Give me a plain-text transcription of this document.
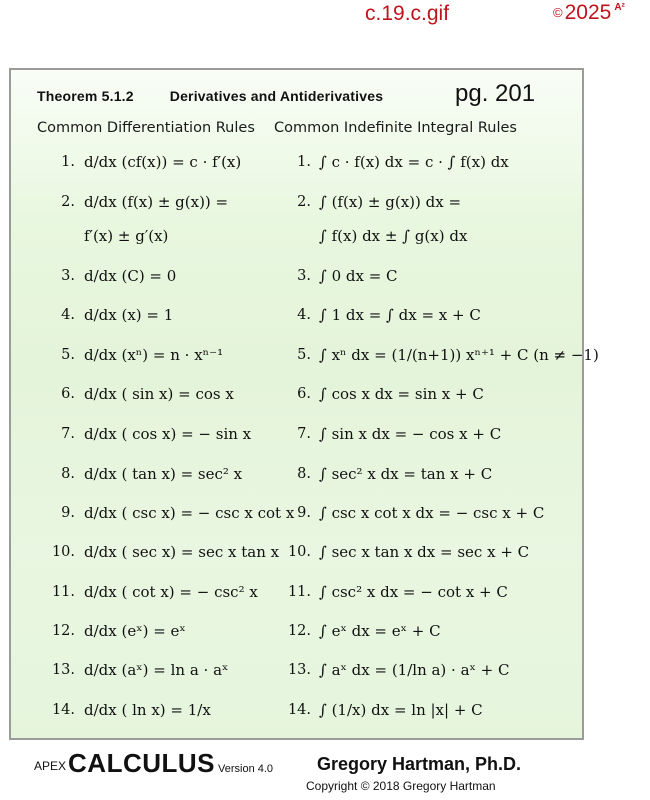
c.19.c.gif	©2025 $^{A^2}$
Theorem 5.1.2	Derivatives and Antiderivatives	pg. 201
Common Differentiation Rules Common Indefinite Integral Rules
1. d/dx (cf(x)) = c · f′(x)	1. ∫ c · f(x) dx = c · ∫ f(x) dx
2. d/dx (f(x) ± g(x)) =	2. ∫ (f(x) ± g(x)) dx =
f′(x) ± g′(x)	∫ f(x) dx ± ∫ g(x) dx
3. d/dx (C) = 0	3. ∫ 0 dx = C
4. d/dx (x) = 1	4. ∫ 1 dx = ∫ dx = x + C
5. d/dx (xⁿ) = n · xⁿ⁻¹	5. ∫ xⁿ dx = (1/(n+1)) xⁿ⁺¹ + C (n ≠ −1)
6. d/dx ( sin x) = cos x	6. ∫ cos x dx = sin x + C
7. d/dx ( cos x) = − sin x	7. ∫ sin x dx = − cos x + C
8. d/dx ( tan x) = sec² x	8. ∫ sec² x dx = tan x + C
9. d/dx ( csc x) = − csc x cot x 9. ∫ csc x cot x dx = − csc x + C
10. d/dx ( sec x) = sec x tan x 10. ∫ sec x tan x dx = sec x + C
11. d/dx ( cot x) = − csc² x 11. ∫ csc² x dx = − cot x + C
12. d/dx (eˣ) = eˣ	12. ∫ eˣ dx = eˣ + C
13. d/dx (aˣ) = ln a · aˣ	13. ∫ aˣ dx = (1/ln a) · aˣ + C
14. d/dx ( ln x) = 1/x	14. ∫ (1/x) dx = ln |x| + C
APEXCALCULUS Version 4.0 Gregory Hartman, Ph.D.
Copyright © 2018 Gregory Hartman
